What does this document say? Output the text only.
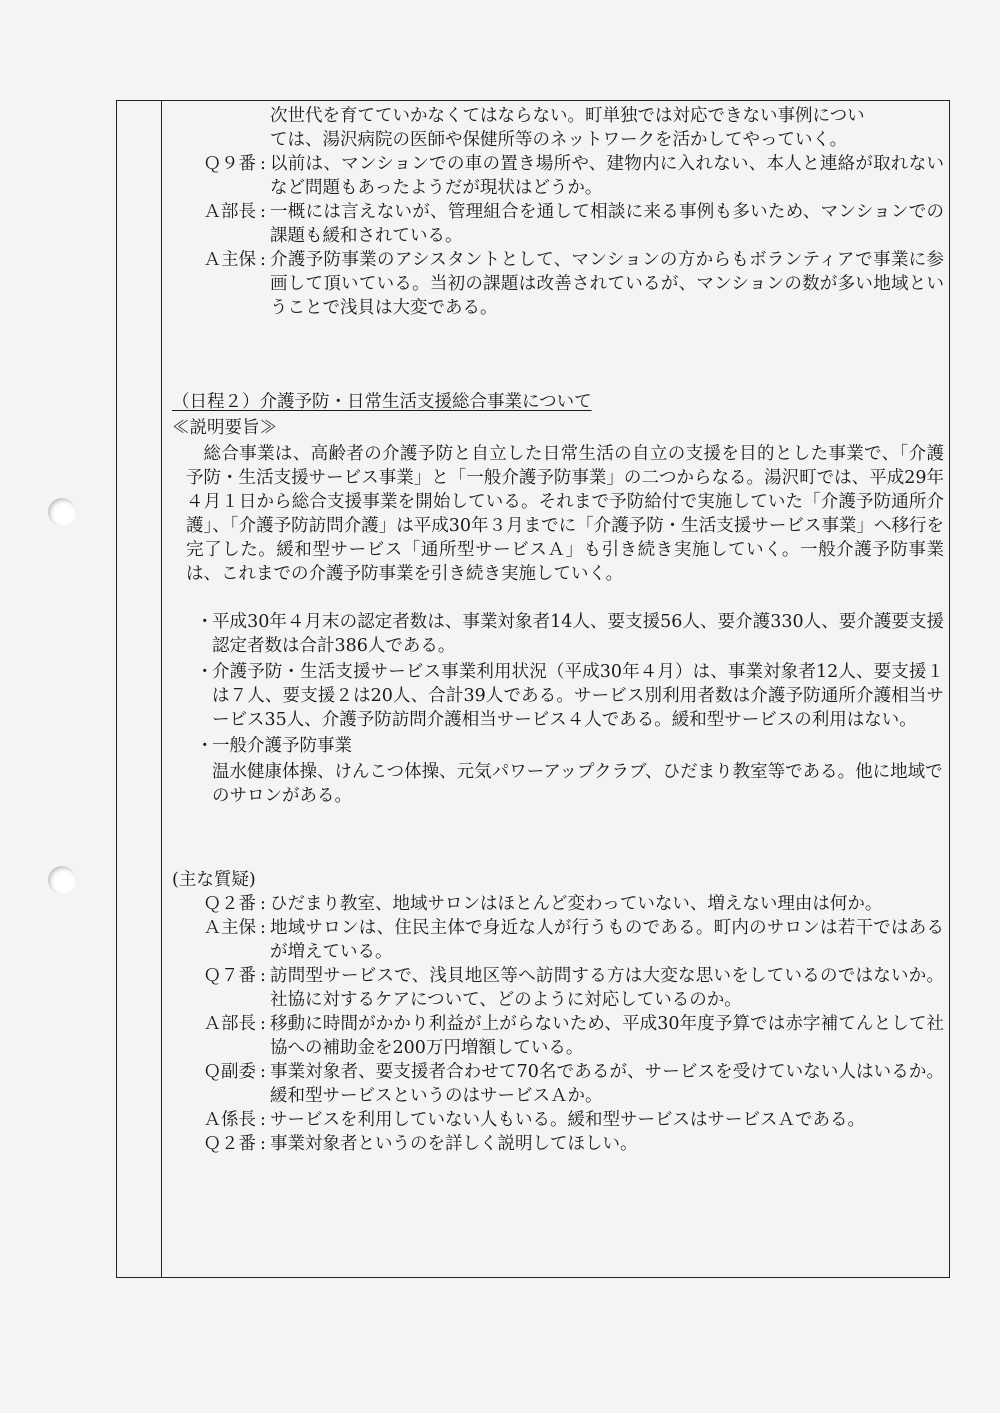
次世代を育てていかなくてはならない。町単独では対応できない事例につい
ては、湯沢病院の医師や保健所等のネットワークを活かしてやっていく。
Ｑ９番 : 以前は、マンションでの車の置き場所や、建物内に入れない、本人と連絡が取れないなど問題もあったようだが現状はどうか。
Ａ部長 : 一概には言えないが、管理組合を通して相談に来る事例も多いため、マンションでの課題も緩和されている。
Ａ主保 : 介護予防事業のアシスタントとして、マンションの方からもボランティアで事業に参画して頂いている。当初の課題は改善されているが、マンションの数が多い地域ということで浅貝は大変である。
（日程２）介護予防・日常生活支援総合事業について
≪説明要旨≫
総合事業は、高齢者の介護予防と自立した日常生活の自立の支援を目的とした事業で、「介護予防・生活支援サービス事業」と「一般介護予防事業」の二つからなる。湯沢町では、平成29年４月１日から総合支援事業を開始している。それまで予防給付で実施していた「介護予防通所介護」、「介護予防訪問介護」は平成30年３月までに「介護予防・生活支援サービス事業」へ移行を完了した。緩和型サービス「通所型サービスＡ」も引き続き実施していく。一般介護予防事業は、これまでの介護予防事業を引き続き実施していく。
・
平成30年４月末の認定者数は、事業対象者14人、要支援56人、要介護330人、要介護要支援認定者数は合計386人である。
・
介護予防・生活支援サービス事業利用状況（平成30年４月）は、事業対象者12人、要支援１は７人、要支援２は20人、合計39人である。サービス別利用者数は介護予防通所介護相当サービス35人、介護予防訪問介護相当サービス４人である。緩和型サービスの利用はない。
・
一般介護予防事業
温水健康体操、けんこつ体操、元気パワーアップクラブ、ひだまり教室等である。他に地域でのサロンがある。
(主な質疑)
Ｑ２番 : ひだまり教室、地域サロンはほとんど変わっていない、増えない理由は何か。
Ａ主保 : 地域サロンは、住民主体で身近な人が行うものである。町内のサロンは若干ではあるが増えている。
Ｑ７番 : 訪問型サービスで、浅貝地区等へ訪問する方は大変な思いをしているのではないか。社協に対するケアについて、どのように対応しているのか。
Ａ部長 : 移動に時間がかかり利益が上がらないため、平成30年度予算では赤字補てんとして社協への補助金を200万円増額している。
Ｑ副委 : 事業対象者、要支援者合わせて70名であるが、サービスを受けていない人はいるか。緩和型サービスというのはサービスＡか。
Ａ係長 : サービスを利用していない人もいる。緩和型サービスはサービスＡである。
Ｑ２番 : 事業対象者というのを詳しく説明してほしい。
